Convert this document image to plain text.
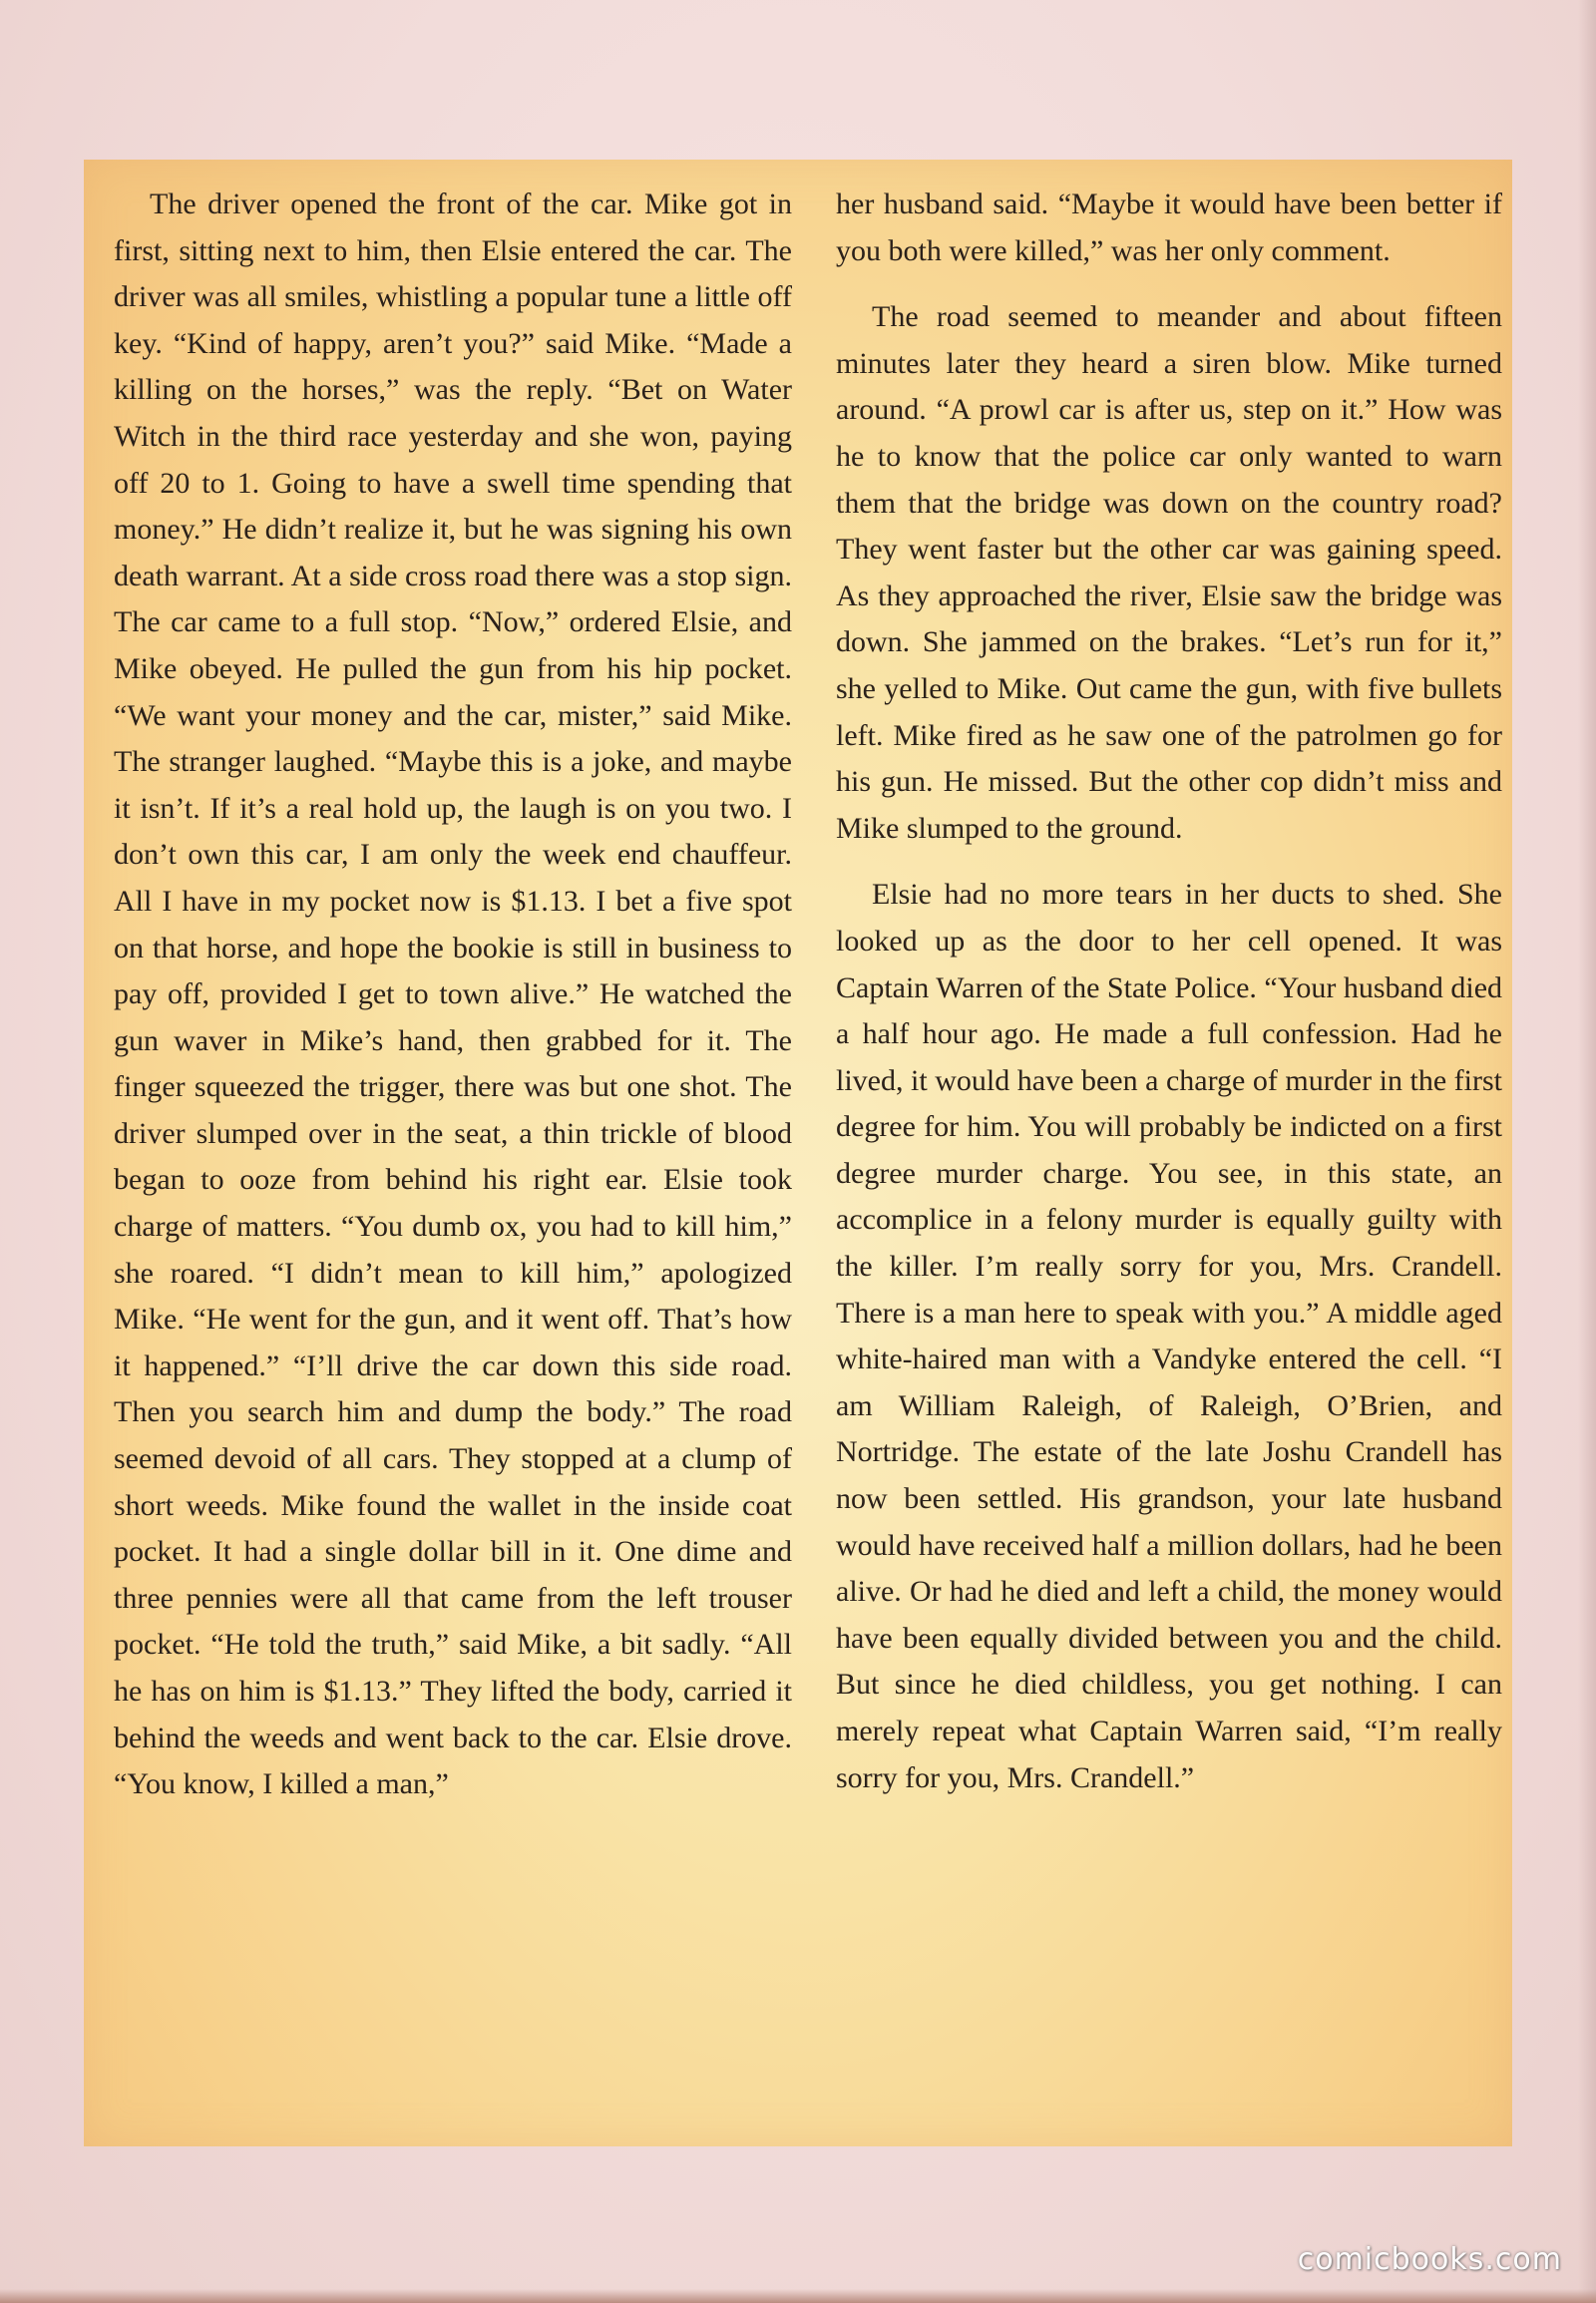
The driver opened the front of the car. Mike got in first, sitting next to him, then Elsie entered the car. The driver was all smiles, whistling a popular tune a little off key. “Kind of happy, aren’t you?” said Mike. “Made a killing on the horses,” was the reply. “Bet on Water Witch in the third race yesterday and she won, paying off 20 to 1. Going to have a swell time spending that money.” He didn’t realize it, but he was signing his own death warrant. At a side cross road there was a stop sign. The car came to a full stop. “Now,” ordered Elsie, and Mike obeyed. He pulled the gun from his hip pocket. “We want your money and the car, mister,” said Mike. The stranger laughed. “Maybe this is a joke, and maybe it isn’t. If it’s a real hold up, the laugh is on you two. I don’t own this car, I am only the week end chauffeur. All I have in my pocket now is $1.13. I bet a five spot on that horse, and hope the bookie is still in business to pay off, provided I get to town alive.” He watched the gun waver in Mike’s hand, then grabbed for it. The finger squeezed the trigger, there was but one shot. The driver slumped over in the seat, a thin trickle of blood began to ooze from behind his right ear. Elsie took charge of matters. “You dumb ox, you had to kill him,” she roared. “I didn’t mean to kill him,” apologized Mike. “He went for the gun, and it went off. That’s how it happened.” “I’ll drive the car down this side road. Then you search him and dump the body.” The road seemed devoid of all cars. They stopped at a clump of short weeds. Mike found the wallet in the inside coat pocket. It had a single dollar bill in it. One dime and three pennies were all that came from the left trouser pocket. “He told the truth,” said Mike, a bit sadly. “All he has on him is $1.13.” They lifted the body, carried it behind the weeds and went back to the car. Elsie drove. “You know, I killed a man,”

her husband said. “Maybe it would have been better if you both were killed,” was her only comment.

The road seemed to meander and about fifteen minutes later they heard a siren blow. Mike turned around. “A prowl car is after us, step on it.” How was he to know that the police car only wanted to warn them that the bridge was down on the country road? They went faster but the other car was gaining speed. As they approached the river, Elsie saw the bridge was down. She jammed on the brakes. “Let’s run for it,” she yelled to Mike. Out came the gun, with five bullets left. Mike fired as he saw one of the patrolmen go for his gun. He missed. But the other cop didn’t miss and Mike slumped to the ground.

Elsie had no more tears in her ducts to shed. She looked up as the door to her cell opened. It was Captain Warren of the State Police. “Your husband died a half hour ago. He made a full confession. Had he lived, it would have been a charge of murder in the first degree for him. You will probably be indicted on a first degree murder charge. You see, in this state, an accomplice in a felony murder is equally guilty with the killer. I’m really sorry for you, Mrs. Crandell. There is a man here to speak with you.” A middle aged white-haired man with a Vandyke entered the cell. “I am William Raleigh, of Raleigh, O’Brien, and Nortridge. The estate of the late Joshu Crandell has now been settled. His grandson, your late husband would have received half a million dollars, had he been alive. Or had he died and left a child, the money would have been equally divided between you and the child. But since he died childless, you get nothing. I can merely repeat what Captain Warren said, “I’m really sorry for you, Mrs. Crandell.”

comicbooks.com
